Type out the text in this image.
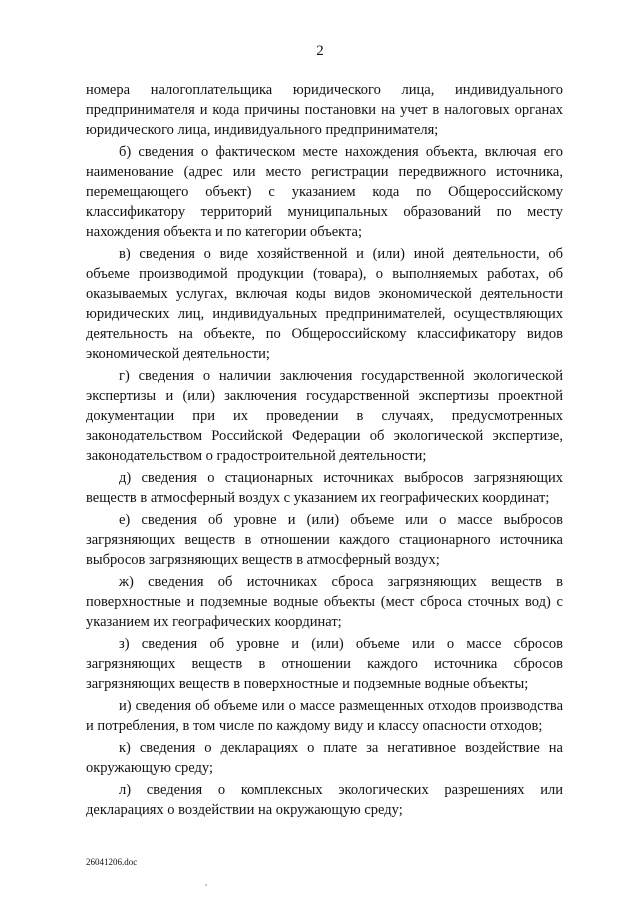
2

номера налогоплательщика юридического лица, индивидуального предпринимателя и кода причины постановки на учет в налоговых органах юридического лица, индивидуального предпринимателя;

б) сведения о фактическом месте нахождения объекта, включая его наименование (адрес или место регистрации передвижного источника, перемещающего объект) с указанием кода по Общероссийскому классификатору территорий муниципальных образований по месту нахождения объекта и по категории объекта;

в) сведения о виде хозяйственной и (или) иной деятельности, об объеме производимой продукции (товара), о выполняемых работах, об оказываемых услугах, включая коды видов экономической деятельности юридических лиц, индивидуальных предпринимателей, осуществляющих деятельность на объекте, по Общероссийскому классификатору видов экономической деятельности;

г) сведения о наличии заключения государственной экологической экспертизы и (или) заключения государственной экспертизы проектной документации при их проведении в случаях, предусмотренных законодательством Российской Федерации об экологической экспертизе, законодательством о градостроительной деятельности;

д) сведения о стационарных источниках выбросов загрязняющих веществ в атмосферный воздух с указанием их географических координат;

е) сведения об уровне и (или) объеме или о массе выбросов загрязняющих веществ в отношении каждого стационарного источника выбросов загрязняющих веществ в атмосферный воздух;

ж) сведения об источниках сброса загрязняющих веществ в поверхностные и подземные водные объекты (мест сброса сточных вод) с указанием их географических координат;

з) сведения об уровне и (или) объеме или о массе сбросов загрязняющих веществ в отношении каждого источника сбросов загрязняющих веществ в поверхностные и подземные водные объекты;

и) сведения об объеме или о массе размещенных отходов производства и потребления, в том числе по каждому виду и классу опасности отходов;

к) сведения о декларациях о плате за негативное воздействие на окружающую среду;

л) сведения о комплексных экологических разрешениях или декларациях о воздействии на окружающую среду;

26041206.doc
